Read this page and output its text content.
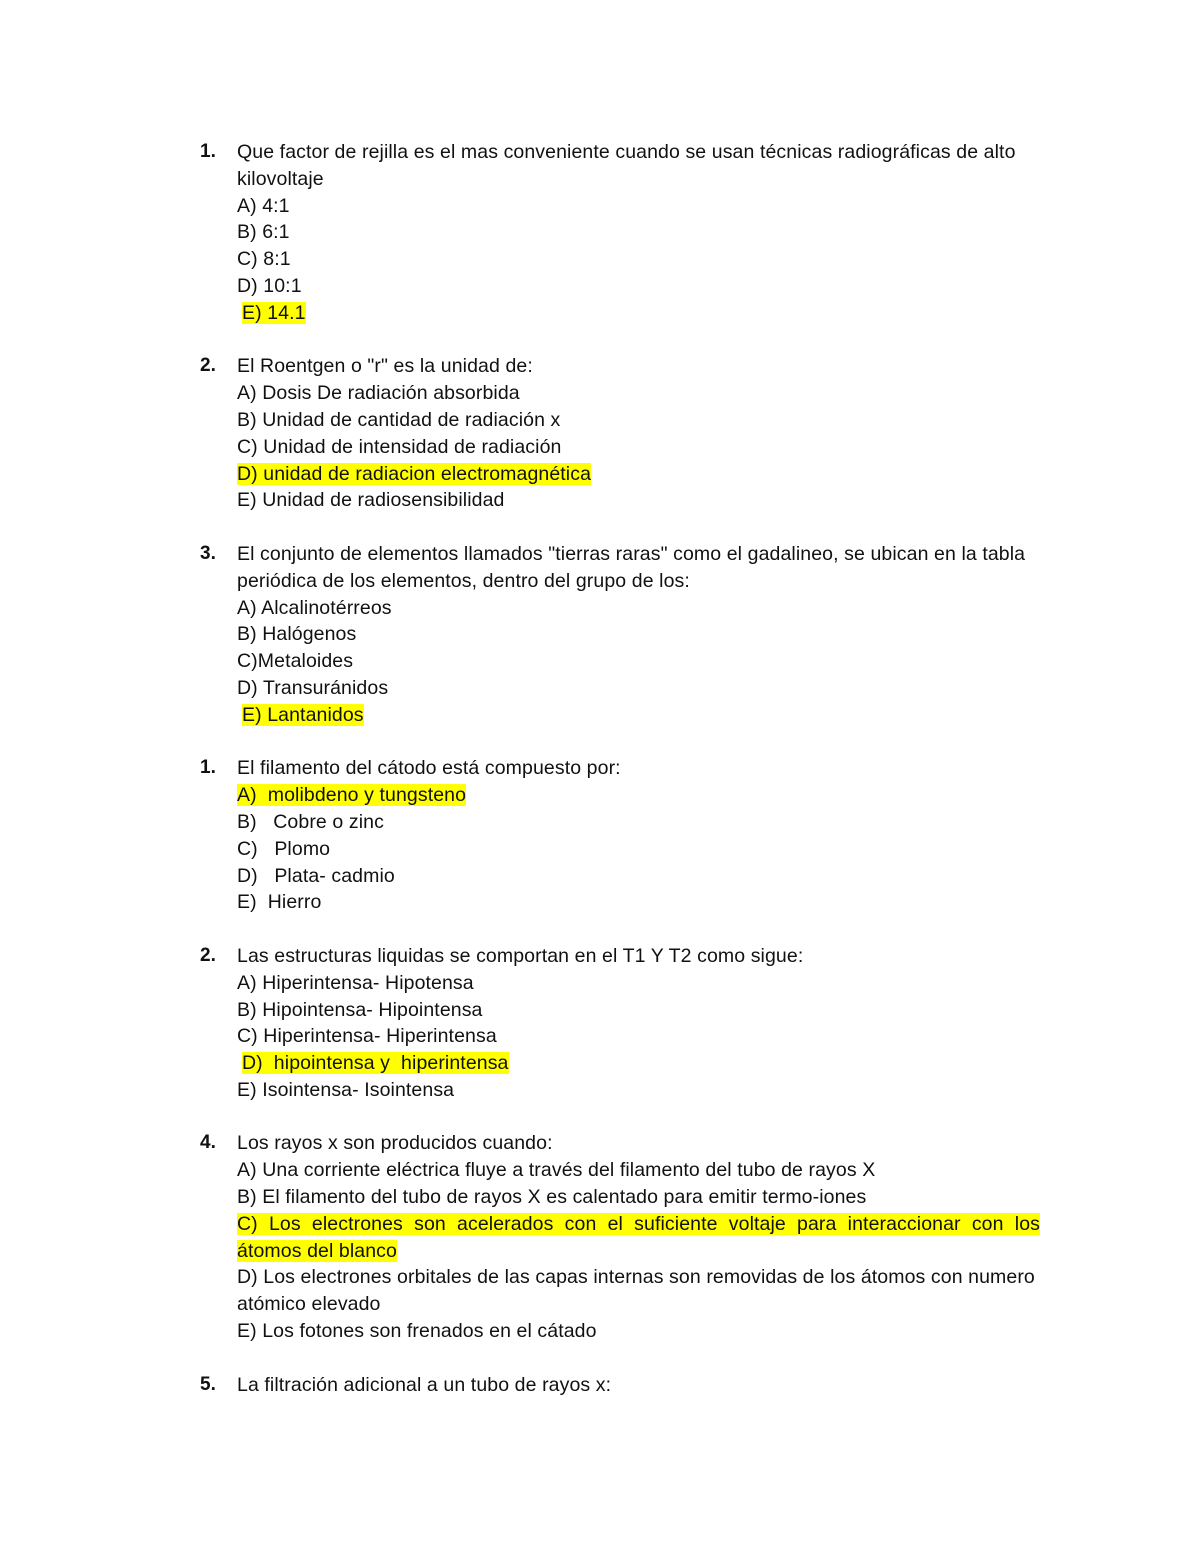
1. Que factor de rejilla es el mas conveniente cuando se usan técnicas radiográficas de alto kilovoltaje
A) 4:1
B) 6:1
C) 8:1
D) 10:1
E) 14.1
2. El Roentgen o "r" es la unidad de:
A) Dosis De radiación absorbida
B) Unidad de cantidad de radiación x
C) Unidad de intensidad de radiación
D) unidad de radiacion electromagnética
E) Unidad de radiosensibilidad
3. El conjunto de elementos llamados "tierras raras" como el gadalineo, se ubican en la tabla periódica de los elementos, dentro del grupo de los:
A) Alcalinotérreos
B) Halógenos
C)Metaloides
D) Transuránidos
E) Lantanidos
1. El filamento del cátodo está compuesto por:
A)  molibdeno y tungsteno
B)   Cobre o zinc
C)   Plomo
D)   Plata- cadmio
E)  Hierro
2. Las estructuras liquidas se comportan en el T1 Y T2 como sigue:
A) Hiperintensa- Hipotensa
B) Hipointensa- Hipointensa
C) Hiperintensa- Hiperintensa
D)  hipointensa y  hiperintensa
E) Isointensa- Isointensa
4. Los rayos x son producidos cuando:
A) Una corriente eléctrica fluye a través del filamento del tubo de rayos X
B) El filamento del tubo de rayos X es calentado para emitir termo-iones
C) Los electrones son acelerados con el suficiente voltaje para interaccionar con los átomos del blanco
D) Los electrones orbitales de las capas internas son removidas de los átomos con numero atómico elevado
E) Los fotones son frenados en el cátado
5. La filtración adicional a un tubo de rayos x:
